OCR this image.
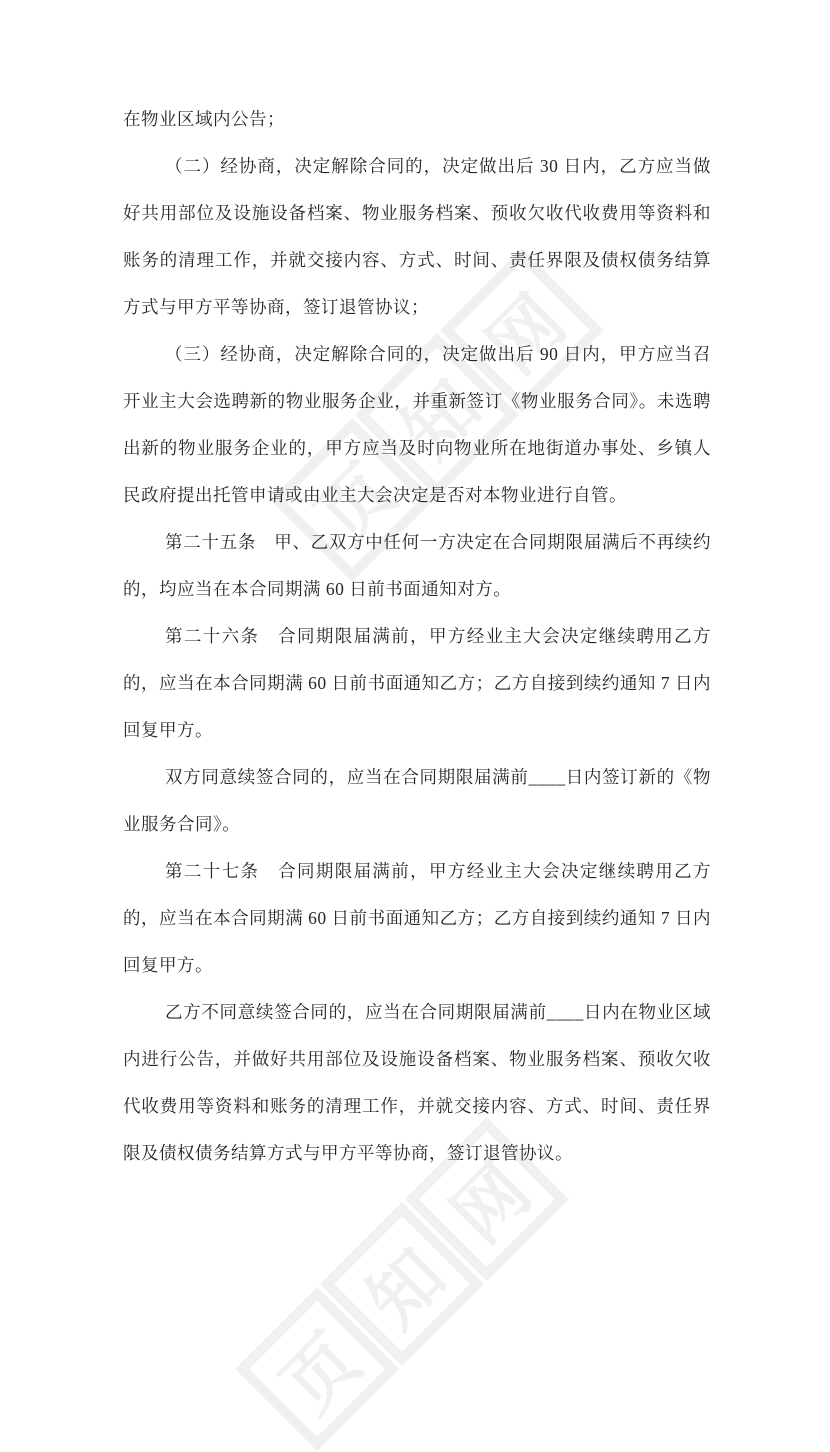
页
知
网
页
知
网

在物业区域内公告；

（二）经协商，决定解除合同的，决定做出后 30 日内，乙方应当做好共用部位及设施设备档案、物业服务档案、预收欠收代收费用等资料和账务的清理工作，并就交接内容、方式、时间、责任界限及债权债务结算方式与甲方平等协商，签订退管协议；

（三）经协商，决定解除合同的，决定做出后 90 日内，甲方应当召开业主大会选聘新的物业服务企业，并重新签订《物业服务合同》。未选聘出新的物业服务企业的，甲方应当及时向物业所在地街道办事处、乡镇人民政府提出托管申请或由业主大会决定是否对本物业进行自管。

第二十五条　甲、乙双方中任何一方决定在合同期限届满后不再续约的，均应当在本合同期满 60 日前书面通知对方。

第二十六条　合同期限届满前，甲方经业主大会决定继续聘用乙方的，应当在本合同期满 60 日前书面通知乙方；乙方自接到续约通知 7 日内回复甲方。

双方同意续签合同的，应当在合同期限届满前____日内签订新的《物业服务合同》。

第二十七条　合同期限届满前，甲方经业主大会决定继续聘用乙方的，应当在本合同期满 60 日前书面通知乙方；乙方自接到续约通知 7 日内回复甲方。

乙方不同意续签合同的，应当在合同期限届满前____日内在物业区域内进行公告，并做好共用部位及设施设备档案、物业服务档案、预收欠收代收费用等资料和账务的清理工作，并就交接内容、方式、时间、责任界限及债权债务结算方式与甲方平等协商，签订退管协议。
